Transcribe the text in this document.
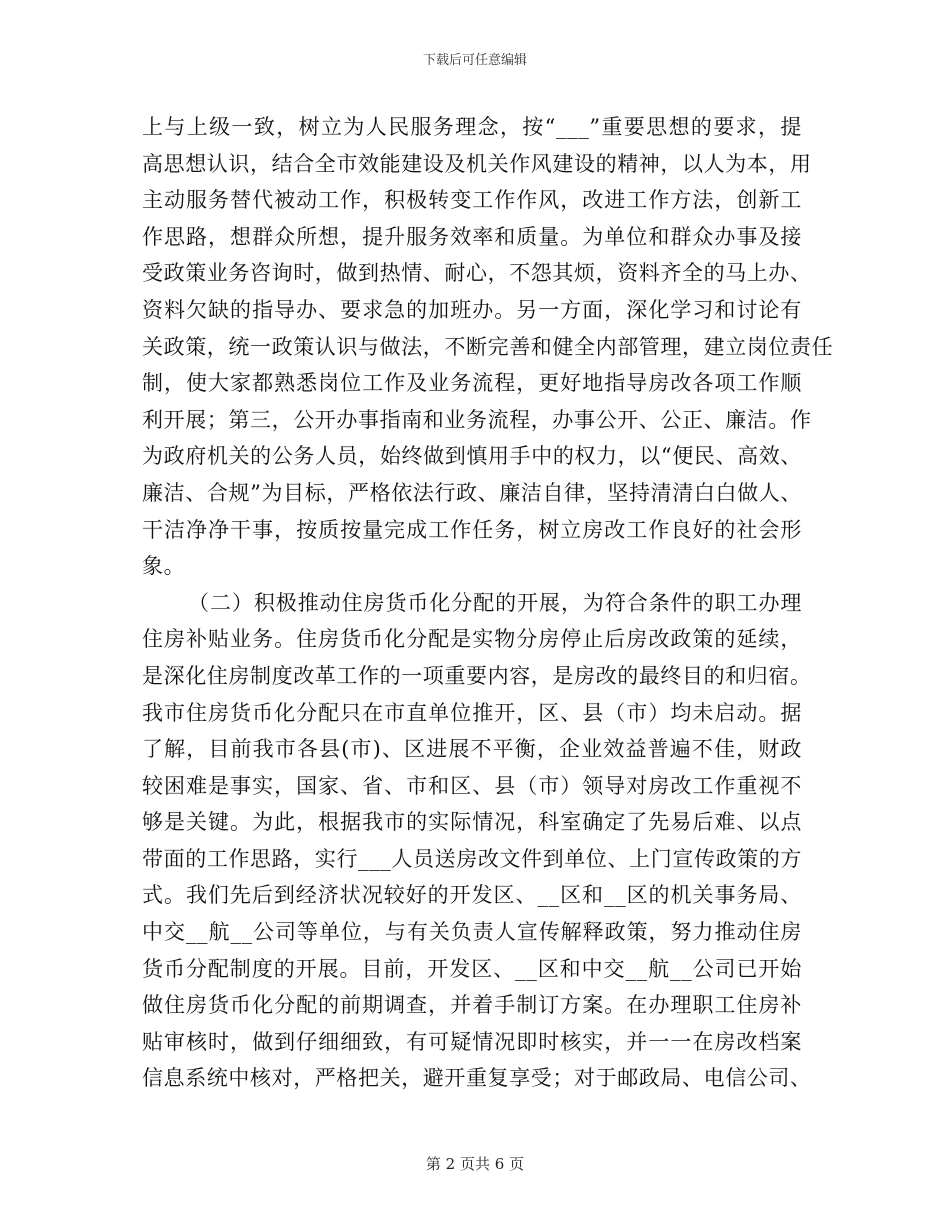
下载后可任意编辑
上与上级一致，树立为人民服务理念，按“___”重要思想的要求，提
高思想认识，结合全市效能建设及机关作风建设的精神，以人为本，用
主动服务替代被动工作，积极转变工作作风，改进工作方法，创新工
作思路，想群众所想，提升服务效率和质量。为单位和群众办事及接
受政策业务咨询时，做到热情、耐心，不怨其烦，资料齐全的马上办、
资料欠缺的指导办、要求急的加班办。另一方面，深化学习和讨论有
关政策，统一政策认识与做法，不断完善和健全内部管理，建立岗位责任
制，使大家都熟悉岗位工作及业务流程，更好地指导房改各项工作顺
利开展；第三，公开办事指南和业务流程，办事公开、公正、廉洁。作
为政府机关的公务人员，始终做到慎用手中的权力，以“便民、高效、
廉洁、合规”为目标，严格依法行政、廉洁自律，坚持清清白白做人、
干洁净净干事，按质按量完成工作任务，树立房改工作良好的社会形
象。
（二）积极推动住房货币化分配的开展，为符合条件的职工办理
住房补贴业务。住房货币化分配是实物分房停止后房改政策的延续，
是深化住房制度改革工作的一项重要内容，是房改的最终目的和归宿。
我市住房货币化分配只在市直单位推开，区、县（市）均未启动。据
了解，目前我市各县(市)、区进展不平衡，企业效益普遍不佳，财政
较困难是事实，国家、省、市和区、县（市）领导对房改工作重视不
够是关键。为此，根据我市的实际情况，科室确定了先易后难、以点
带面的工作思路，实行___人员送房改文件到单位、上门宣传政策的方
式。我们先后到经济状况较好的开发区、__区和__区的机关事务局、
中交__航__公司等单位，与有关负责人宣传解释政策，努力推动住房
货币分配制度的开展。目前，开发区、__区和中交__航__公司已开始
做住房货币化分配的前期调查，并着手制订方案。在办理职工住房补
贴审核时，做到仔细细致，有可疑情况即时核实，并一一在房改档案
信息系统中核对，严格把关，避开重复享受；对于邮政局、电信公司、
第 2 页共 6 页
